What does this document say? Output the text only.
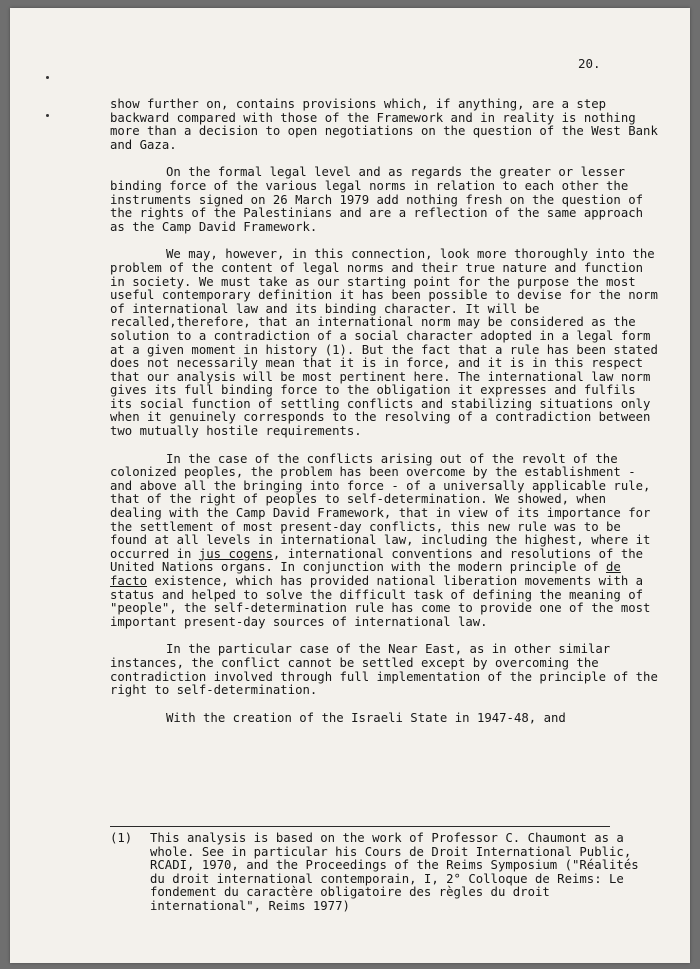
20.

show further on, contains provisions which, if anything, are a step backward compared with those of the Framework and in reality is nothing more than a decision to open negotiations on the question of the West Bank and Gaza.

On the formal legal level and as regards the greater or lesser binding force of the various legal norms in relation to each other the instruments signed on 26 March 1979 add nothing fresh on the question of the rights of the Palestinians and are a reflection of the same approach as the Camp David Framework.

We may, however, in this connection, look more thoroughly into the problem of the content of legal norms and their true nature and function in society. We must take as our starting point for the purpose the most useful contemporary definition it has been possible to devise for the norm of international law and its binding character. It will be recalled,therefore, that an international norm may be considered as the solution to a contradiction of a social character adopted in a legal form at a given moment in history (1). But the fact that a rule has been stated does not necessarily mean that it is in force, and it is in this respect that our analysis will be most pertinent here. The international law norm gives its full binding force to the obligation it expresses and fulfils its social function of settling conflicts and stabilizing situations only when it genuinely corresponds to the resolving of a contradiction between two mutually hostile requirements.

In the case of the conflicts arising out of the revolt of the colonized peoples, the problem has been overcome by the establishment - and above all the bringing into force - of a universally applicable rule, that of the right of peoples to self-determination. We showed, when dealing with the Camp David Framework, that in view of its importance for the settlement of most present-day conflicts, this new rule was to be found at all levels in international law, including the highest, where it occurred in jus cogens, international conventions and resolutions of the United Nations organs. In conjunction with the modern principle of de facto existence, which has provided national liberation movements with a status and helped to solve the difficult task of defining the meaning of "people", the self-determination rule has come to provide one of the most important present-day sources of international law.

In the particular case of the Near East, as in other similar instances, the conflict cannot be settled except by overcoming the contradiction involved through full implementation of the principle of the right to self-determination.

With the creation of the Israeli State in 1947-48, and

(1) This analysis is based on the work of Professor C. Chaumont as a whole. See in particular his Cours de Droit International Public, RCADI, 1970, and the Proceedings of the Reims Symposium ("Réalités du droit international contemporain, I, 2° Colloque de Reims: Le fondement du caractère obligatoire des règles du droit international", Reims 1977)
